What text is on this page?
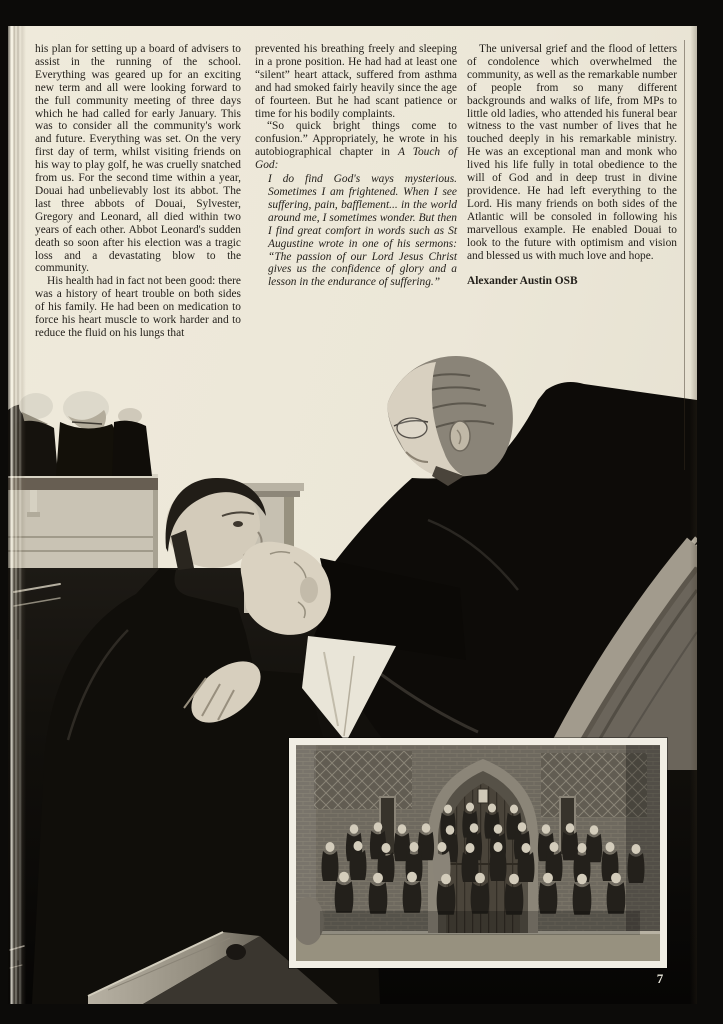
his plan for setting up a board of advisers to assist in the running of the school. Everything was geared up for an exciting new term and all were looking forward to the full community meeting of three days which he had called for early January. This was to consider all the community's work and future. Everything was set. On the very first day of term, whilst visiting friends on his way to play golf, he was cruelly snatched from us. For the second time within a year, Douai had unbelievably lost its abbot. The last three abbots of Douai, Sylvester, Gregory and Leonard, all died within two years of each other. Abbot Leonard's sudden death so soon after his election was a tragic loss and a devastating blow to the community.

His health had in fact not been good: there was a history of heart trouble on both sides of his family. He had been on medication to force his heart muscle to work harder and to reduce the fluid on his lungs that

prevented his breathing freely and sleeping in a prone position. He had had at least one “silent” heart attack, suffered from asthma and had smoked fairly heavily since the age of fourteen. But he had scant patience or time for his bodily complaints.

“So quick bright things come to confusion.” Appropriately, he wrote in his autobiographical chapter in A Touch of God:

I do find God's ways mysterious. Sometimes I am frightened. When I see suffering, pain, bafflement... in the world around me, I sometimes wonder. But then I find great comfort in words such as St Augustine wrote in one of his sermons: “The passion of our Lord Jesus Christ gives us the confidence of glory and a lesson in the endurance of suffering.”

The universal grief and the flood of letters of condolence which overwhelmed the community, as well as the remarkable number of people from so many different backgrounds and walks of life, from MPs to little old ladies, who attended his funeral bear witness to the vast number of lives that he touched deeply in his remarkable ministry. He was an exceptional man and monk who lived his life fully in total obedience to the will of God and in deep trust in divine providence. He had left everything to the Lord. His many friends on both sides of the Atlantic will be consoled in following his marvellous example. He enabled Douai to look to the future with optimism and vision and blessed us with much love and hope.

Alexander Austin OSB

7
